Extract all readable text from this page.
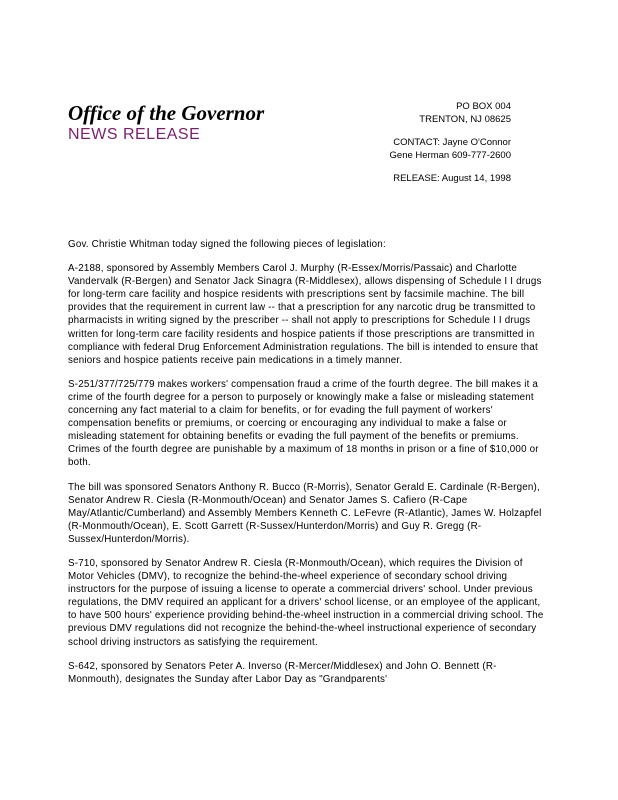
Office of the Governor
NEWS RELEASE
PO BOX 004
TRENTON, NJ 08625
CONTACT: Jayne O'Connor
Gene Herman 609-777-2600
RELEASE: August 14, 1998

Gov. Christie Whitman today signed the following pieces of legislation:

A-2188, sponsored by Assembly Members Carol J. Murphy (R-Essex/Morris/Passaic) and Charlotte Vandervalk (R-Bergen) and Senator Jack Sinagra (R-Middlesex), allows dispensing of Schedule I I drugs for long-term care facility and hospice residents with prescriptions sent by facsimile machine. The bill provides that the requirement in current law -- that a prescription for any narcotic drug be transmitted to pharmacists in writing signed by the prescriber -- shall not apply to prescriptions for Schedule I I drugs written for long-term care facility residents and hospice patients if those prescriptions are transmitted in compliance with federal Drug Enforcement Administration regulations. The bill is intended to ensure that seniors and hospice patients receive pain medications in a timely manner.

S-251/377/725/779 makes workers' compensation fraud a crime of the fourth degree. The bill makes it a crime of the fourth degree for a person to purposely or knowingly make a false or misleading statement concerning any fact material to a claim for benefits, or for evading the full payment of workers' compensation benefits or premiums, or coercing or encouraging any individual to make a false or misleading statement for obtaining benefits or evading the full payment of the benefits or premiums. Crimes of the fourth degree are punishable by a maximum of 18 months in prison or a fine of $10,000 or both.

The bill was sponsored Senators Anthony R. Bucco (R-Morris), Senator Gerald E. Cardinale (R-Bergen), Senator Andrew R. Ciesla (R-Monmouth/Ocean) and Senator James S. Cafiero (R-Cape May/Atlantic/Cumberland) and Assembly Members Kenneth C. LeFevre (R-Atlantic), James W. Holzapfel (R-Monmouth/Ocean), E. Scott Garrett (R-Sussex/Hunterdon/Morris) and Guy R. Gregg (R-Sussex/Hunterdon/Morris).

S-710, sponsored by Senator Andrew R. Ciesla (R-Monmouth/Ocean), which requires the Division of Motor Vehicles (DMV), to recognize the behind-the-wheel experience of secondary school driving instructors for the purpose of issuing a license to operate a commercial drivers' school. Under previous regulations, the DMV required an applicant for a drivers' school license, or an employee of the applicant, to have 500 hours' experience providing behind-the-wheel instruction in a commercial driving school. The previous DMV regulations did not recognize the behind-the-wheel instructional experience of secondary school driving instructors as satisfying the requirement.

S-642, sponsored by Senators Peter A. Inverso (R-Mercer/Middlesex) and John O. Bennett (R-Monmouth), designates the Sunday after Labor Day as "Grandparents'
